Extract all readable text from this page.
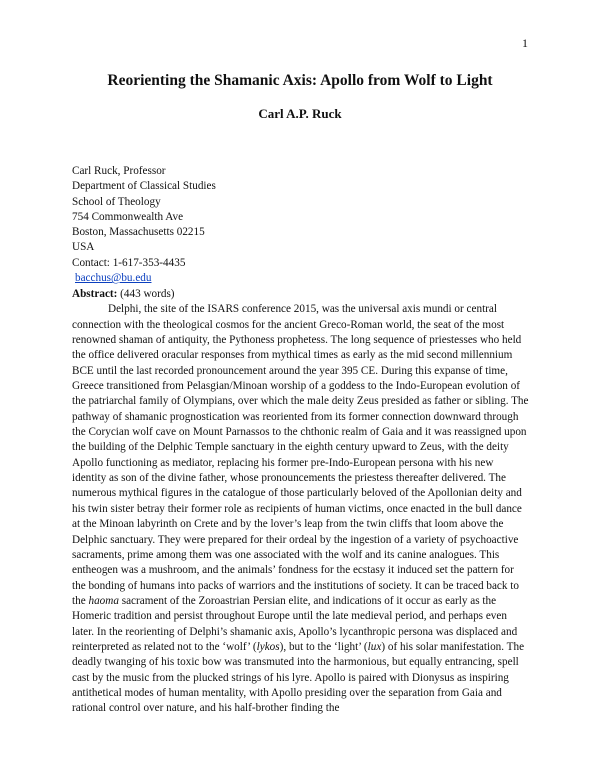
1
Reorienting the Shamanic Axis: Apollo from Wolf to Light
Carl A.P. Ruck
Carl Ruck, Professor
Department of Classical Studies
School of Theology
754 Commonwealth Ave
Boston, Massachusetts 02215
USA
Contact: 1-617-353-4435
bacchus@bu.edu
Abstract: (443 words)

Delphi, the site of the ISARS conference 2015, was the universal axis mundi or central connection with the theological cosmos for the ancient Greco-Roman world, the seat of the most renowned shaman of antiquity, the Pythoness prophetess. The long sequence of priestesses who held the office delivered oracular responses from mythical times as early as the mid second millennium BCE until the last recorded pronouncement around the year 395 CE. During this expanse of time, Greece transitioned from Pelasgian/Minoan worship of a goddess to the Indo-European evolution of the patriarchal family of Olympians, over which the male deity Zeus presided as father or sibling. The pathway of shamanic prognostication was reoriented from its former connection downward through the Corycian wolf cave on Mount Parnassos to the chthonic realm of Gaia and it was reassigned upon the building of the Delphic Temple sanctuary in the eighth century upward to Zeus, with the deity Apollo functioning as mediator, replacing his former pre-Indo-European persona with his new identity as son of the divine father, whose pronouncements the priestess thereafter delivered. The numerous mythical figures in the catalogue of those particularly beloved of the Apollonian deity and his twin sister betray their former role as recipients of human victims, once enacted in the bull dance at the Minoan labyrinth on Crete and by the lover’s leap from the twin cliffs that loom above the Delphic sanctuary. They were prepared for their ordeal by the ingestion of a variety of psychoactive sacraments, prime among them was one associated with the wolf and its canine analogues. This entheogen was a mushroom, and the animals’ fondness for the ecstasy it induced set the pattern for the bonding of humans into packs of warriors and the institutions of society. It can be traced back to the haoma sacrament of the Zoroastrian Persian elite, and indications of it occur as early as the Homeric tradition and persist throughout Europe until the late medieval period, and perhaps even later. In the reorienting of Delphi’s shamanic axis, Apollo’s lycanthropic persona was displaced and reinterpreted as related not to the ‘wolf’ (lykos), but to the ‘light’ (lux) of his solar manifestation. The deadly twanging of his toxic bow was transmuted into the harmonious, but equally entrancing, spell cast by the music from the plucked strings of his lyre. Apollo is paired with Dionysus as inspiring antithetical modes of human mentality, with Apollo presiding over the separation from Gaia and rational control over nature, and his half-brother finding the
